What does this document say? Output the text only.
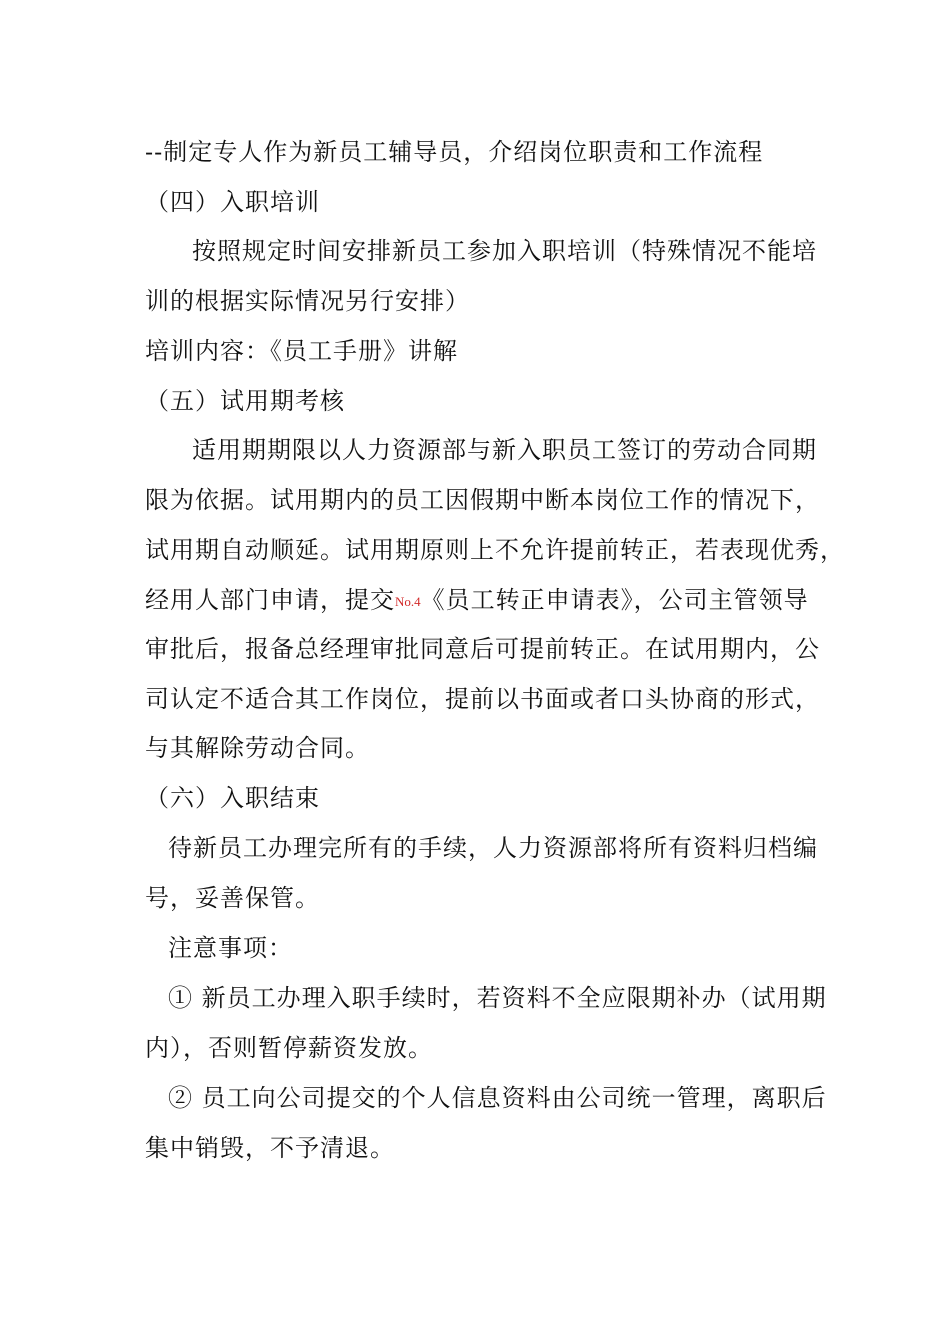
--制定专人作为新员工辅导员，介绍岗位职责和工作流程
（四）入职培训
按照规定时间安排新员工参加入职培训（特殊情况不能培
训的根据实际情况另行安排）
培训内容：《员工手册》讲解
（五）试用期考核
适用期期限以人力资源部与新入职员工签订的劳动合同期
限为依据。试用期内的员工因假期中断本岗位工作的情况下，
试用期自动顺延。试用期原则上不允许提前转正，若表现优秀，
经用人部门申请，提交No.4《员工转正申请表》，公司主管领导
审批后，报备总经理审批同意后可提前转正。在试用期内，公
司认定不适合其工作岗位，提前以书面或者口头协商的形式，
与其解除劳动合同。
（六）入职结束
待新员工办理完所有的手续，人力资源部将所有资料归档编
号，妥善保管。
注意事项：
① 新员工办理入职手续时，若资料不全应限期补办（试用期
内），否则暂停薪资发放。
② 员工向公司提交的个人信息资料由公司统一管理，离职后
集中销毁，不予清退。
